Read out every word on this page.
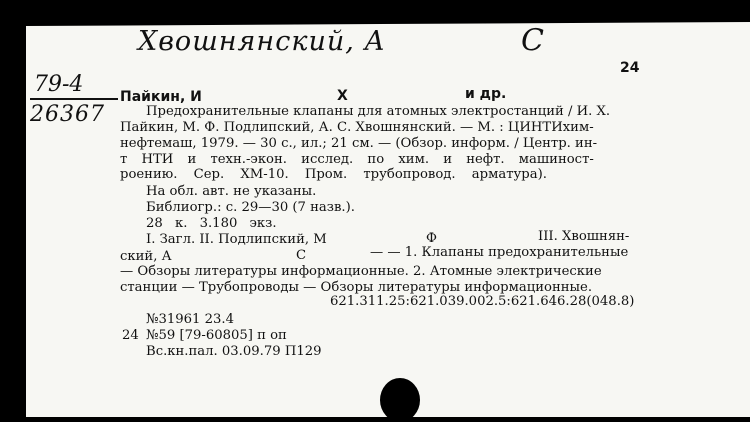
Хвошнянский, А	С
79-4
26367
24
Пайкин, И	Х	и др.
Предохранительные клапаны для атомных электростанций / И. Х.
Пайкин, М. Ф. Подлипский, А. С. Хвошнянский. — М. : ЦИНТИхим-
нефтемаш, 1979. — 30 с., ил.; 21 см. — (Обзор. информ. / Центр. ин-
т НТИ и техн.-экон. исслед. по хим. и нефт. машиност-
роению. Сер. ХМ-10. Пром. трубопровод. арматура).
На обл. авт. не указаны.
Библиогр.: с. 29—30 (7 назв.).
28 к. 3.180 экз.
I. Загл. II. Подлипский, М	Ф	III. Хвошнян-
ский, А	С	— — 1. Клапаны предохранительные
— Обзоры литературы информационные. 2. Атомные электрические
станции — Трубопроводы — Обзоры литературы информационные.
621.311.25:621.039.002.5:621.646.28(048.8)
№31961 23.4
24 №59 [79-60805] п оп
Вс.кн.пал. 03.09.79 П129
